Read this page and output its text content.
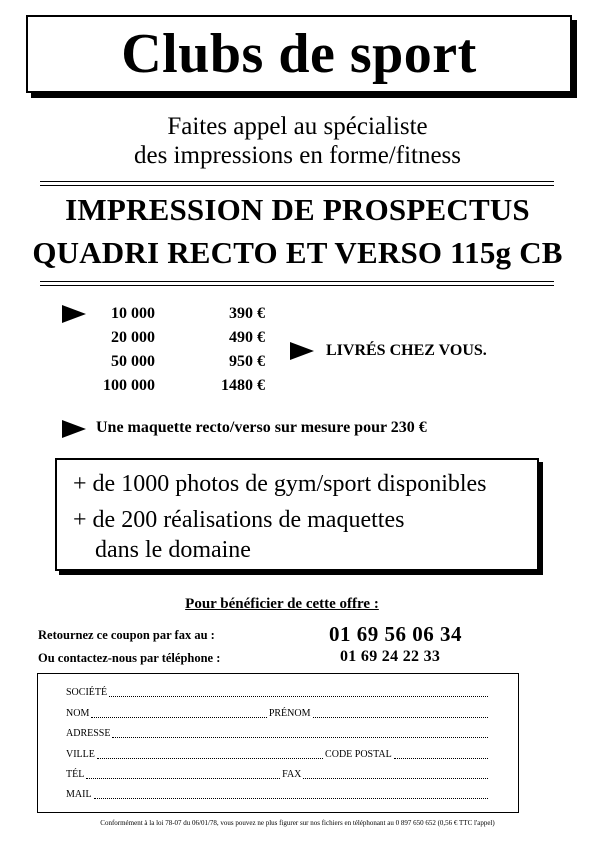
Clubs de sport
Faites appel au spécialiste
des impressions en forme/fitness
IMPRESSION DE PROSPECTUS
QUADRI RECTO ET VERSO 115g CB
10 000	390 €
20 000	490 €
50 000	950 €
100 000	1480 €
LIVRÉS CHEZ VOUS.
Une maquette recto/verso sur mesure pour 230 €
+ de 1000 photos de gym/sport disponibles
+ de 200 réalisations de maquettes
dans le domaine
Pour bénéficier de cette offre :
Retournez ce coupon par fax au :	01 69 56 06 34
Ou contactez-nous par téléphone :	01 69 24 22 33
SOCIÉTÉ
NOM	PRÉNOM
ADRESSE
VILLE	CODE POSTAL
TÉL	FAX
MAIL
Conformément à la loi 78-07 du 06/01/78, vous pouvez ne plus figurer sur nos fichiers en téléphonant au 0 897 650 652 (0,56 € TTC l'appel)
